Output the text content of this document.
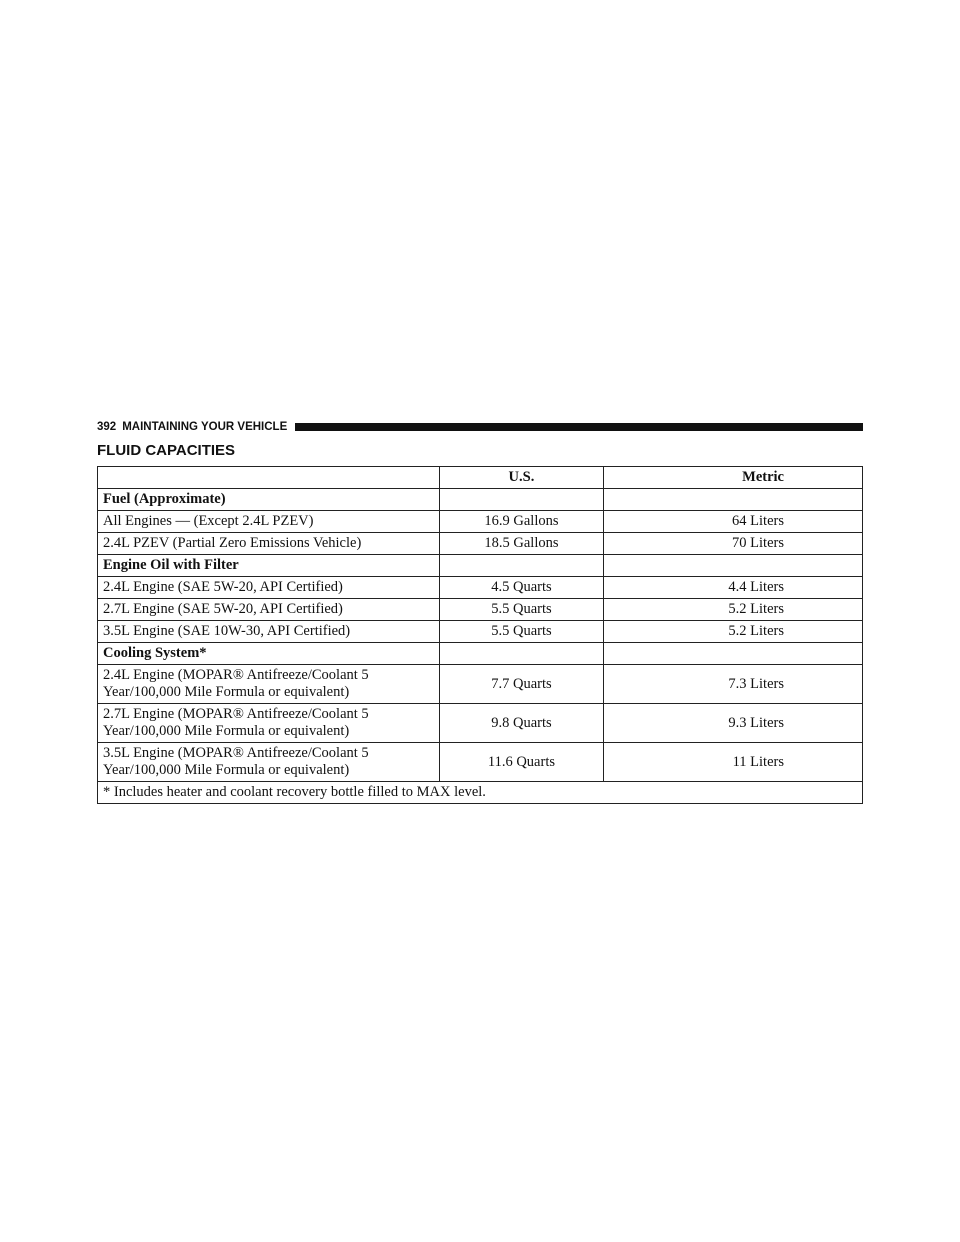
392 MAINTAINING YOUR VEHICLE
FLUID CAPACITIES
	U.S.	Metric
Fuel (Approximate)		
All Engines — (Except 2.4L PZEV)	16.9 Gallons	64 Liters
2.4L PZEV (Partial Zero Emissions Vehicle)	18.5 Gallons	70 Liters
Engine Oil with Filter		
2.4L Engine (SAE 5W-20, API Certified)	4.5 Quarts	4.4 Liters
2.7L Engine (SAE 5W-20, API Certified)	5.5 Quarts	5.2 Liters
3.5L Engine (SAE 10W-30, API Certified)	5.5 Quarts	5.2 Liters
Cooling System*		

2.4L Engine (MOPAR® Antifreeze/Coolant 5
Year/100,000 Mile Formula or equivalent)	7.7 Quarts	7.3 Liters

2.7L Engine (MOPAR® Antifreeze/Coolant 5
Year/100,000 Mile Formula or equivalent)	9.8 Quarts	9.3 Liters

3.5L Engine (MOPAR® Antifreeze/Coolant 5
Year/100,000 Mile Formula or equivalent)	11.6 Quarts	11 Liters
* Includes heater and coolant recovery bottle filled to MAX level.		
